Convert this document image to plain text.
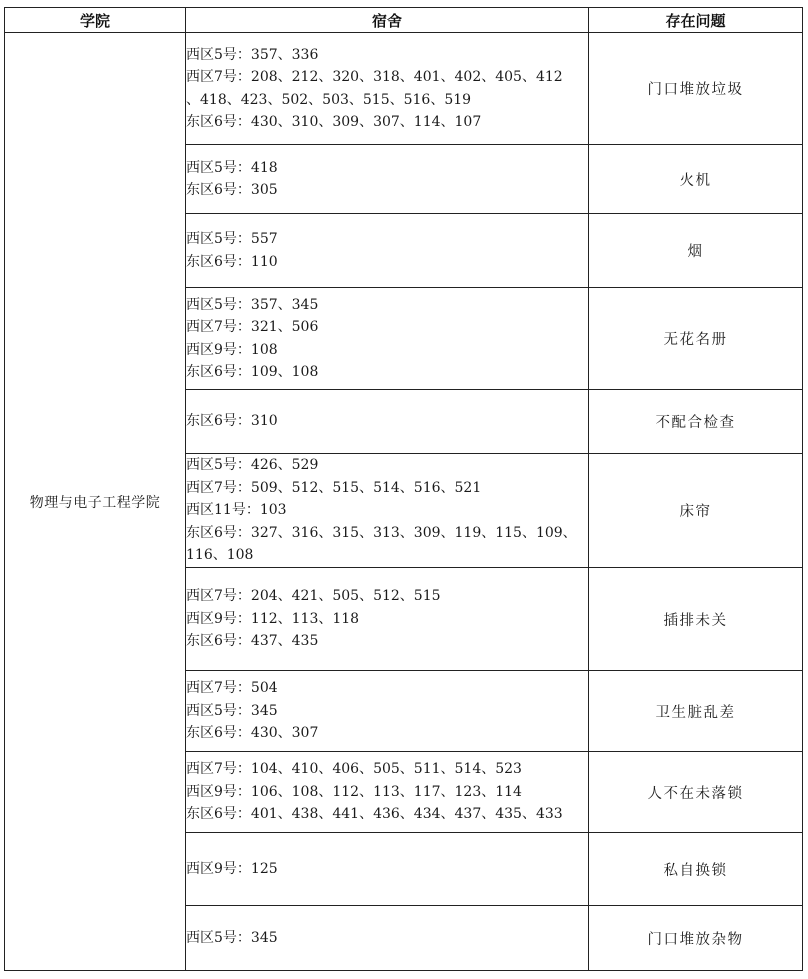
学院	宿舍	存在问题
物理与电子工程学院	西区5号：357、336
西区7号：208、212、320、318、401、402、405、412
、418、423、502、503、515、516、519
东区6号：430、310、309、307、114、107	门口堆放垃圾

	西区5号：418
东区6号：305	火机

	西区5号：557
东区6号：110	烟

	西区5号：357、345
西区7号：321、506
西区9号：108
东区6号：109、108	无花名册

	东区6号：310	不配合检查

	西区5号：426、529
西区7号：509、512、515、514、516、521
西区11号：103
东区6号：327、316、315、313、309、119、115、109、
116、108	床帘

	西区7号：204、421、505、512、515
西区9号：112、113、118
东区6号：437、435	插排未关

	西区7号：504
西区5号：345
东区6号：430、307	卫生脏乱差

	西区7号：104、410、406、505、511、514、523
西区9号：106、108、112、113、117、123、114
东区6号：401、438、441、436、434、437、435、433	人不在未落锁

	西区9号：125	私自换锁

	西区5号：345	门口堆放杂物
